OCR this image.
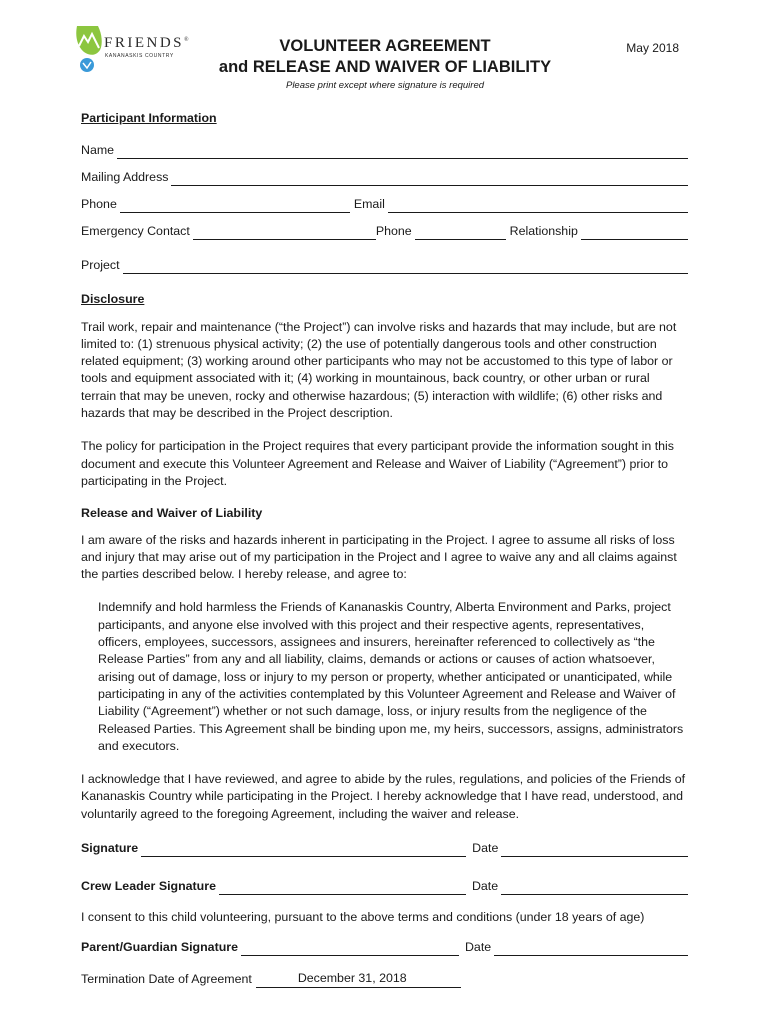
FRIENDS®
KANANASKIS COUNTRY
VOLUNTEER AGREEMENT
and RELEASE AND WAIVER OF LIABILITY
Please print except where signature is required
May 2018
Participant Information
Name
Mailing Address
Phone	Email
Emergency Contact	Phone	Relationship
Project
Disclosure

Trail work, repair and maintenance (“the Project”) can involve risks and hazards that may include, but are not limited to: (1) strenuous physical activity; (2) the use of potentially dangerous tools and other construction related equipment; (3) working around other participants who may not be accustomed to this type of labor or tools and equipment associated with it; (4) working in mountainous, back country, or other urban or rural terrain that may be uneven, rocky and otherwise hazardous; (5) interaction with wildlife; (6) other risks and hazards that may be described in the Project description.

The policy for participation in the Project requires that every participant provide the information sought in this document and execute this Volunteer Agreement and Release and Waiver of Liability (“Agreement”) prior to participating in the Project.

Release and Waiver of Liability

I am aware of the risks and hazards inherent in participating in the Project. I agree to assume all risks of loss and injury that may arise out of my participation in the Project and I agree to waive any and all claims against the parties described below. I hereby release, and agree to:

Indemnify and hold harmless the Friends of Kananaskis Country, Alberta Environment and Parks, project participants, and anyone else involved with this project and their respective agents, representatives, officers, employees, successors, assignees and insurers, hereinafter referenced to collectively as “the Release Parties” from any and all liability, claims, demands or actions or causes of action whatsoever, arising out of damage, loss or injury to my person or property, whether anticipated or unanticipated, while participating in any of the activities contemplated by this Volunteer Agreement and Release and Waiver of Liability (“Agreement”) whether or not such damage, loss, or injury results from the negligence of the Released Parties. This Agreement shall be binding upon me, my heirs, successors, assigns, administrators and executors.

I acknowledge that I have reviewed, and agree to abide by the rules, regulations, and policies of the Friends of Kananaskis Country while participating in the Project. I hereby acknowledge that I have read, understood, and voluntarily agreed to the foregoing Agreement, including the waiver and release.

Signature	Date
Crew Leader Signature	Date

I consent to this child volunteering, pursuant to the above terms and conditions (under 18 years of age)

Parent/Guardian Signature	Date
Termination Date of Agreement	December 31, 2018
